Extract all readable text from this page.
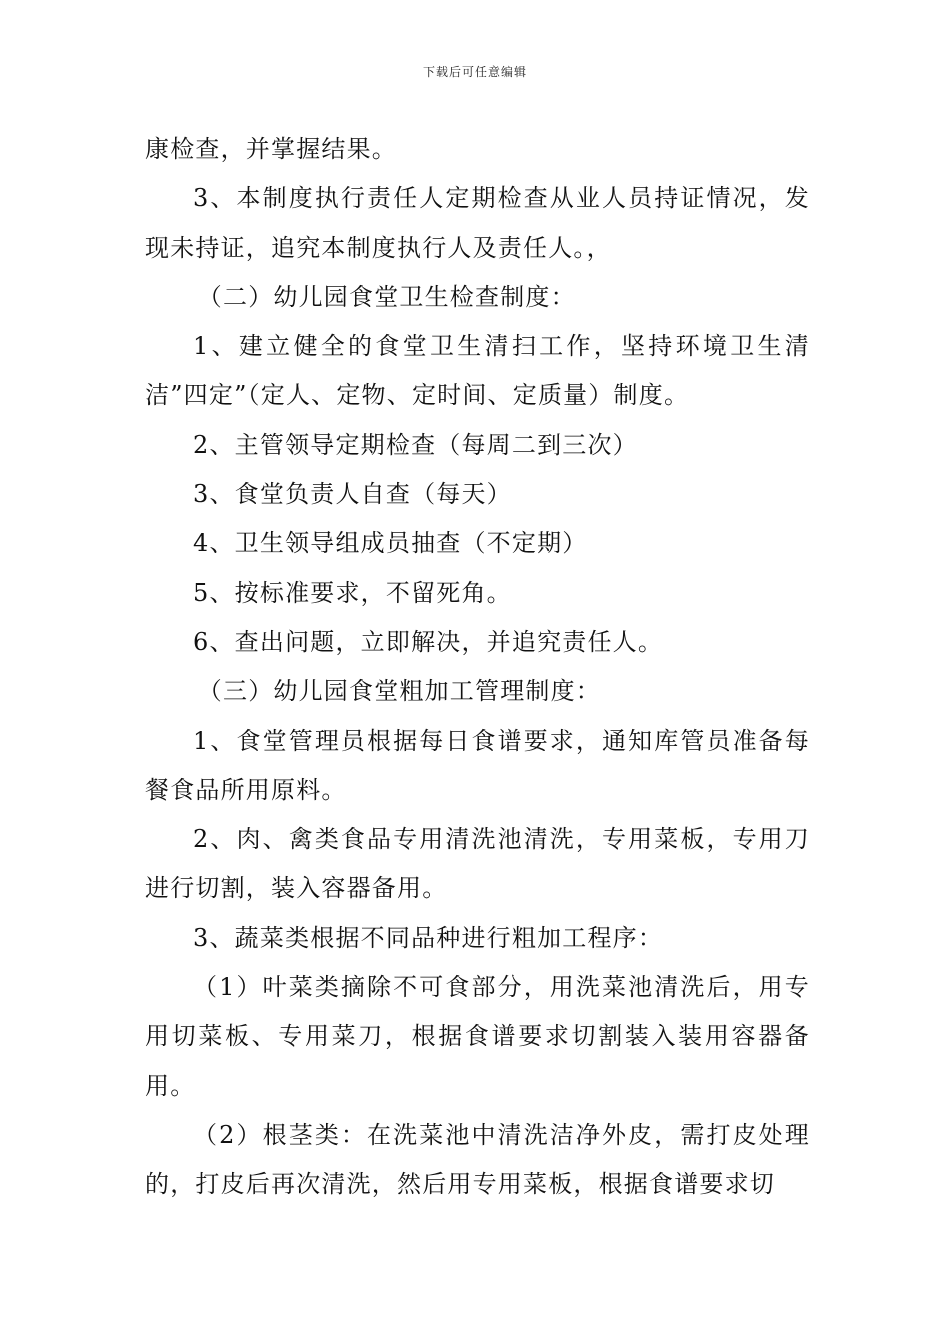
下载后可任意编辑

康检查，并掌握结果。

3、本制度执行责任人定期检查从业人员持证情况，发现未持证，追究本制度执行人及责任人。，

（二）幼儿园食堂卫生检查制度：

1、建立健全的食堂卫生清扫工作，坚持环境卫生清洁”四定”（定人、定物、定时间、定质量）制度。

2、主管领导定期检查（每周二到三次）

3、食堂负责人自查（每天）

4、卫生领导组成员抽查（不定期）

5、按标准要求，不留死角。

6、查出问题，立即解决，并追究责任人。

（三）幼儿园食堂粗加工管理制度：

1、食堂管理员根据每日食谱要求，通知库管员准备每餐食品所用原料。

2、肉、禽类食品专用清洗池清洗，专用菜板，专用刀进行切割，装入容器备用。

3、蔬菜类根据不同品种进行粗加工程序：

（1）叶菜类摘除不可食部分，用洗菜池清洗后，用专用切菜板、专用菜刀，根据食谱要求切割装入装用容器备用。

（2）根茎类：在洗菜池中清洗洁净外皮，需打皮处理的，打皮后再次清洗，然后用专用菜板，根据食谱要求切
